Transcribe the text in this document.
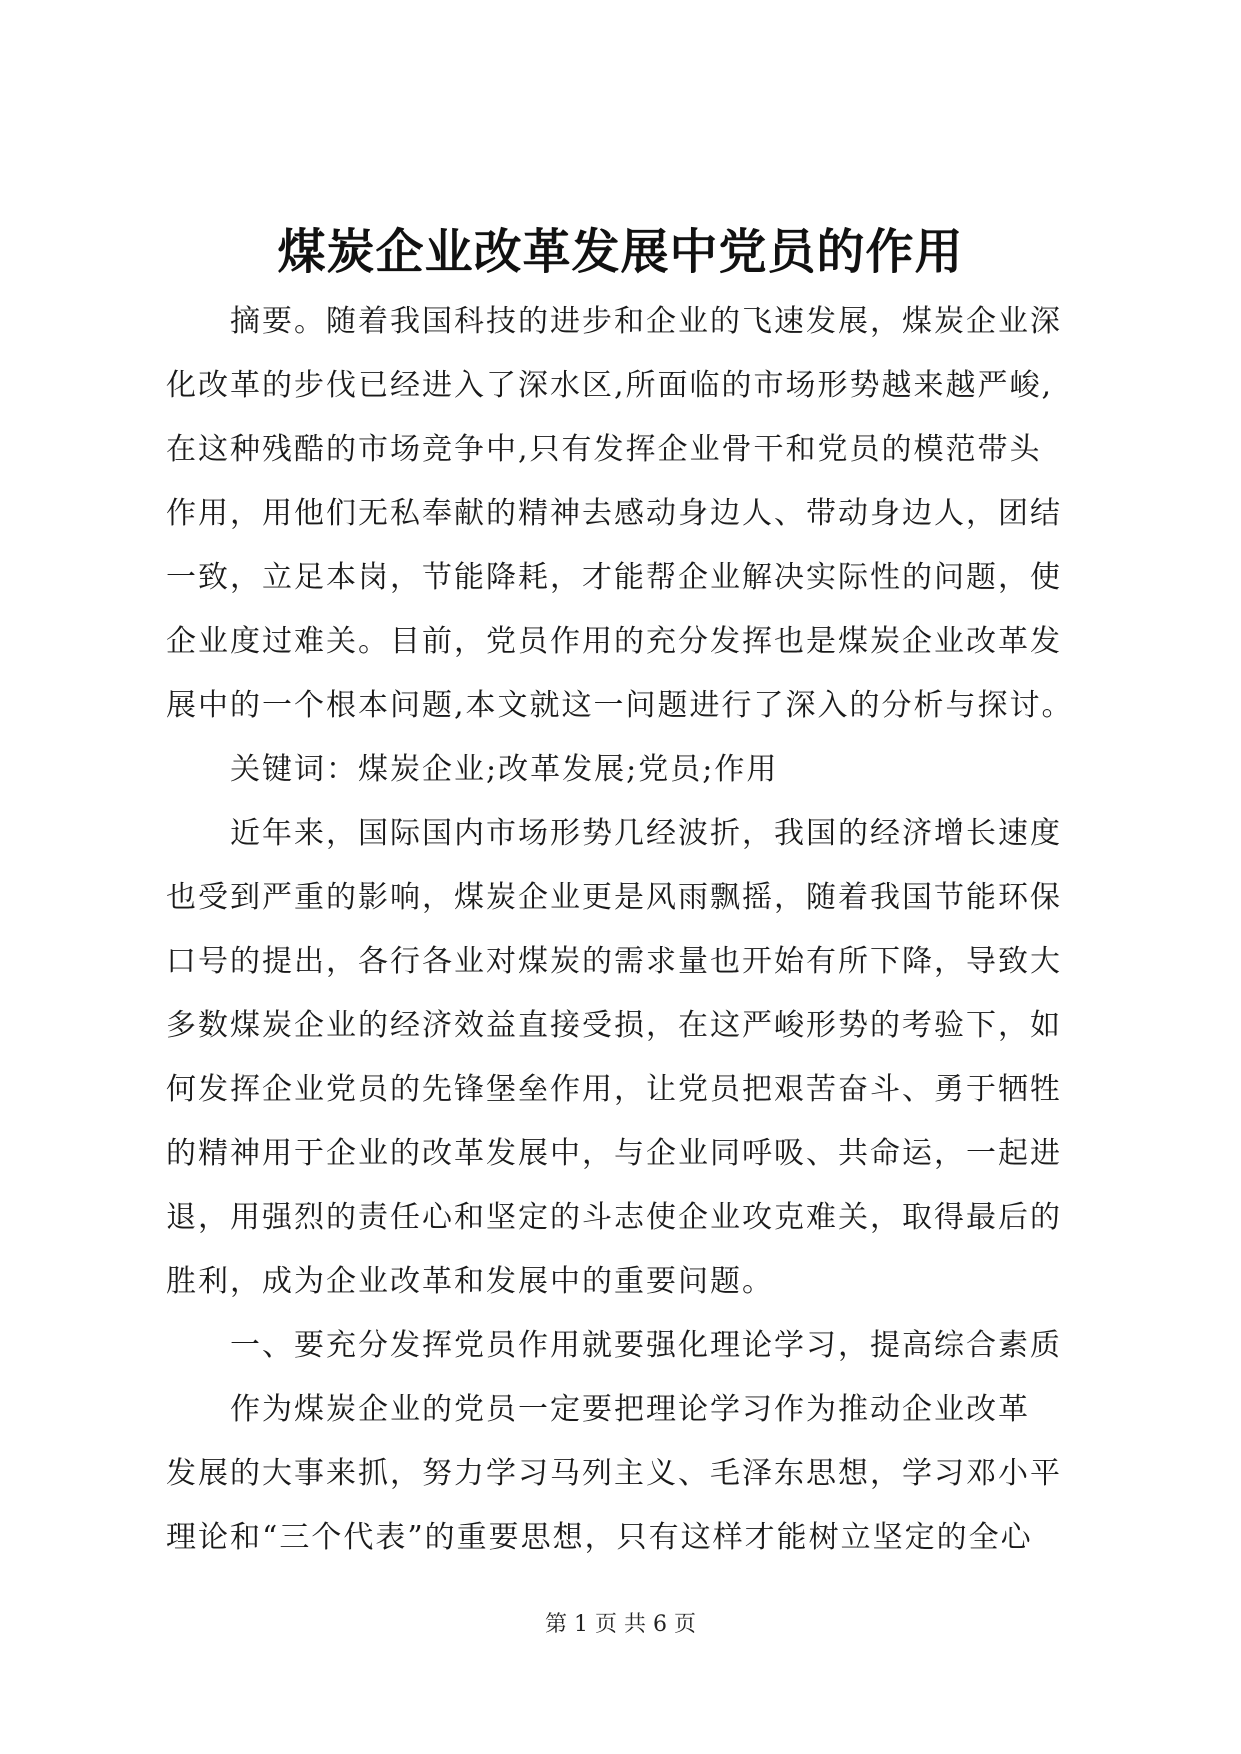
煤炭企业改革发展中党员的作用

摘要。随着我国科技的进步和企业的飞速发展，煤炭企业深
化改革的步伐已经进入了深水区,所面临的市场形势越来越严峻,
在这种残酷的市场竞争中,只有发挥企业骨干和党员的模范带头
作用，用他们无私奉献的精神去感动身边人、带动身边人，团结
一致，立足本岗，节能降耗，才能帮企业解决实际性的问题，使
企业度过难关。目前，党员作用的充分发挥也是煤炭企业改革发
展中的一个根本问题,本文就这一问题进行了深入的分析与探讨。

关键词：煤炭企业;改革发展;党员;作用

近年来，国际国内市场形势几经波折，我国的经济增长速度
也受到严重的影响，煤炭企业更是风雨飘摇，随着我国节能环保
口号的提出，各行各业对煤炭的需求量也开始有所下降，导致大
多数煤炭企业的经济效益直接受损，在这严峻形势的考验下，如
何发挥企业党员的先锋堡垒作用，让党员把艰苦奋斗、勇于牺牲
的精神用于企业的改革发展中，与企业同呼吸、共命运，一起进
退，用强烈的责任心和坚定的斗志使企业攻克难关，取得最后的
胜利，成为企业改革和发展中的重要问题。

一、要充分发挥党员作用就要强化理论学习，提高综合素质

作为煤炭企业的党员一定要把理论学习作为推动企业改革
发展的大事来抓，努力学习马列主义、毛泽东思想，学习邓小平
理论和“三个代表”的重要思想，只有这样才能树立坚定的全心

第 1 页 共 6 页
